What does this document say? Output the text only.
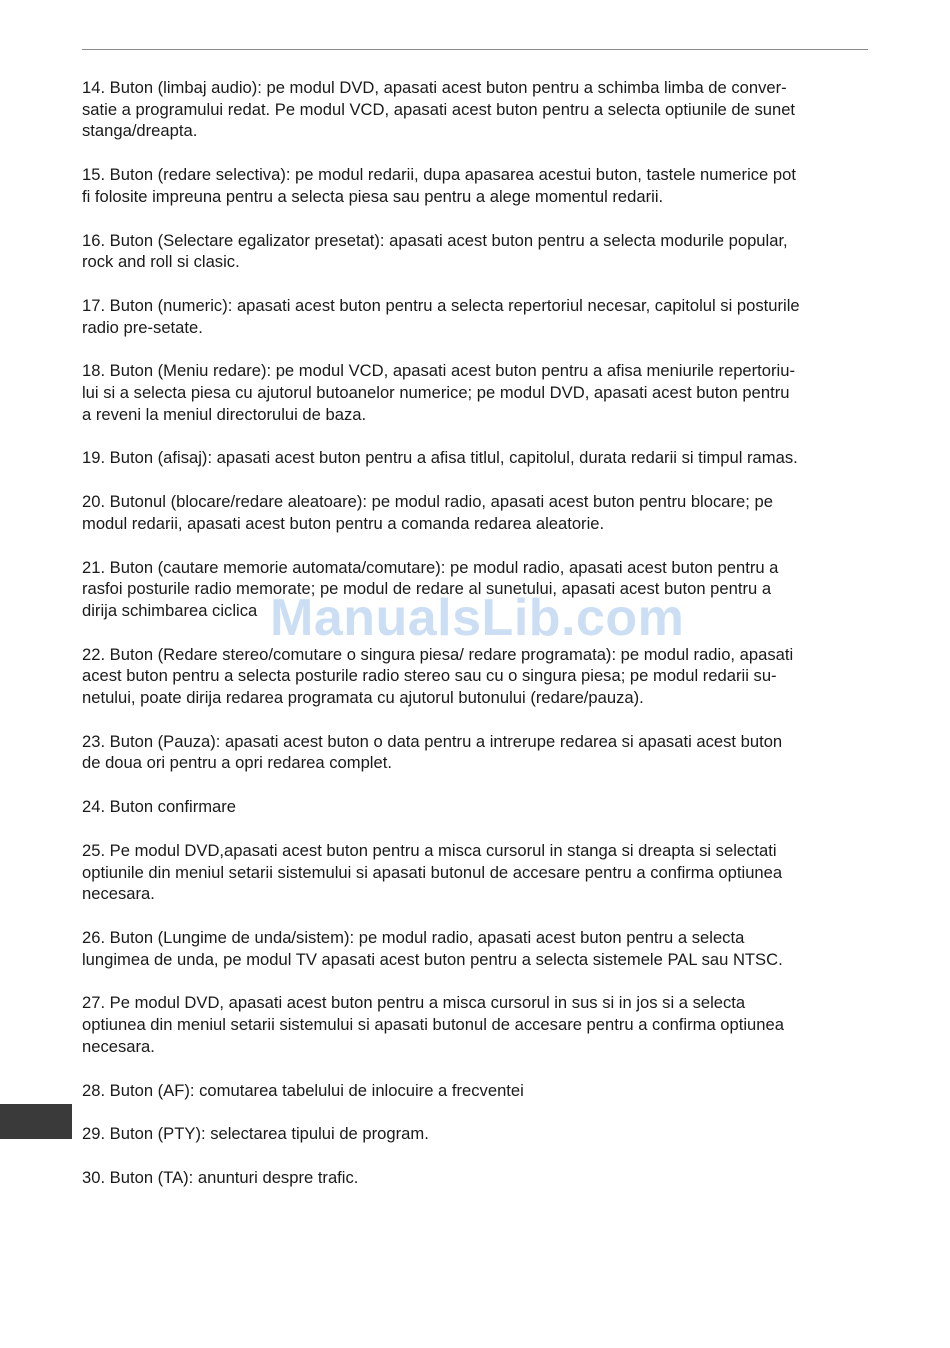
14. Buton (limbaj audio): pe modul DVD, apasati acest buton pentru a schimba limba de conver-
satie a programului redat. Pe modul VCD, apasati acest buton pentru a selecta optiunile de sunet
stanga/dreapta.

15. Buton (redare selectiva): pe modul redarii, dupa apasarea acestui buton, tastele numerice pot
fi folosite impreuna pentru a selecta piesa sau pentru a alege momentul redarii.

16. Buton (Selectare egalizator presetat): apasati acest buton pentru a selecta modurile popular,
rock and roll si clasic.

17. Buton (numeric): apasati acest buton pentru a selecta repertoriul necesar, capitolul si posturile
radio pre-setate.

18. Buton (Meniu redare): pe modul VCD, apasati acest buton pentru a afisa meniurile repertoriu-
lui si a selecta piesa cu ajutorul butoanelor numerice; pe modul DVD, apasati acest buton pentru
a reveni la meniul directorului de baza.

19. Buton (afisaj): apasati acest buton pentru a afisa titlul, capitolul, durata redarii si timpul ramas.

20. Butonul (blocare/redare aleatoare): pe modul radio, apasati acest buton pentru blocare; pe
modul redarii, apasati acest buton pentru a comanda redarea aleatorie.

21. Buton (cautare memorie automata/comutare): pe modul radio, apasati acest buton pentru a
rasfoi posturile radio memorate; pe modul de redare al sunetului, apasati acest buton pentru a
dirija schimbarea ciclica

22. Buton (Redare stereo/comutare o singura piesa/ redare programata): pe modul radio, apasati
acest buton pentru a selecta posturile radio stereo sau cu o singura piesa; pe modul redarii su-
netului, poate dirija redarea programata cu ajutorul butonului (redare/pauza).

23. Buton (Pauza): apasati acest buton o data pentru a intrerupe redarea si apasati acest buton
de doua ori pentru a opri redarea complet.

24. Buton confirmare

25. Pe modul DVD,apasati acest buton pentru a misca cursorul in stanga si dreapta si selectati
optiunile din meniul setarii sistemului si apasati butonul de accesare pentru a confirma optiunea
necesara.

26. Buton (Lungime de unda/sistem): pe modul radio, apasati acest buton pentru a selecta
lungimea de unda, pe modul TV apasati acest buton pentru a selecta sistemele PAL sau NTSC.

27. Pe modul DVD, apasati acest buton pentru a misca cursorul in sus si in jos si a selecta
optiunea din meniul setarii sistemului si apasati butonul de accesare pentru a confirma optiunea
necesara.

28. Buton (AF): comutarea tabelului de inlocuire a frecventei

29. Buton (PTY): selectarea tipului de program.

30. Buton (TA): anunturi despre trafic.

ManualsLib.com
